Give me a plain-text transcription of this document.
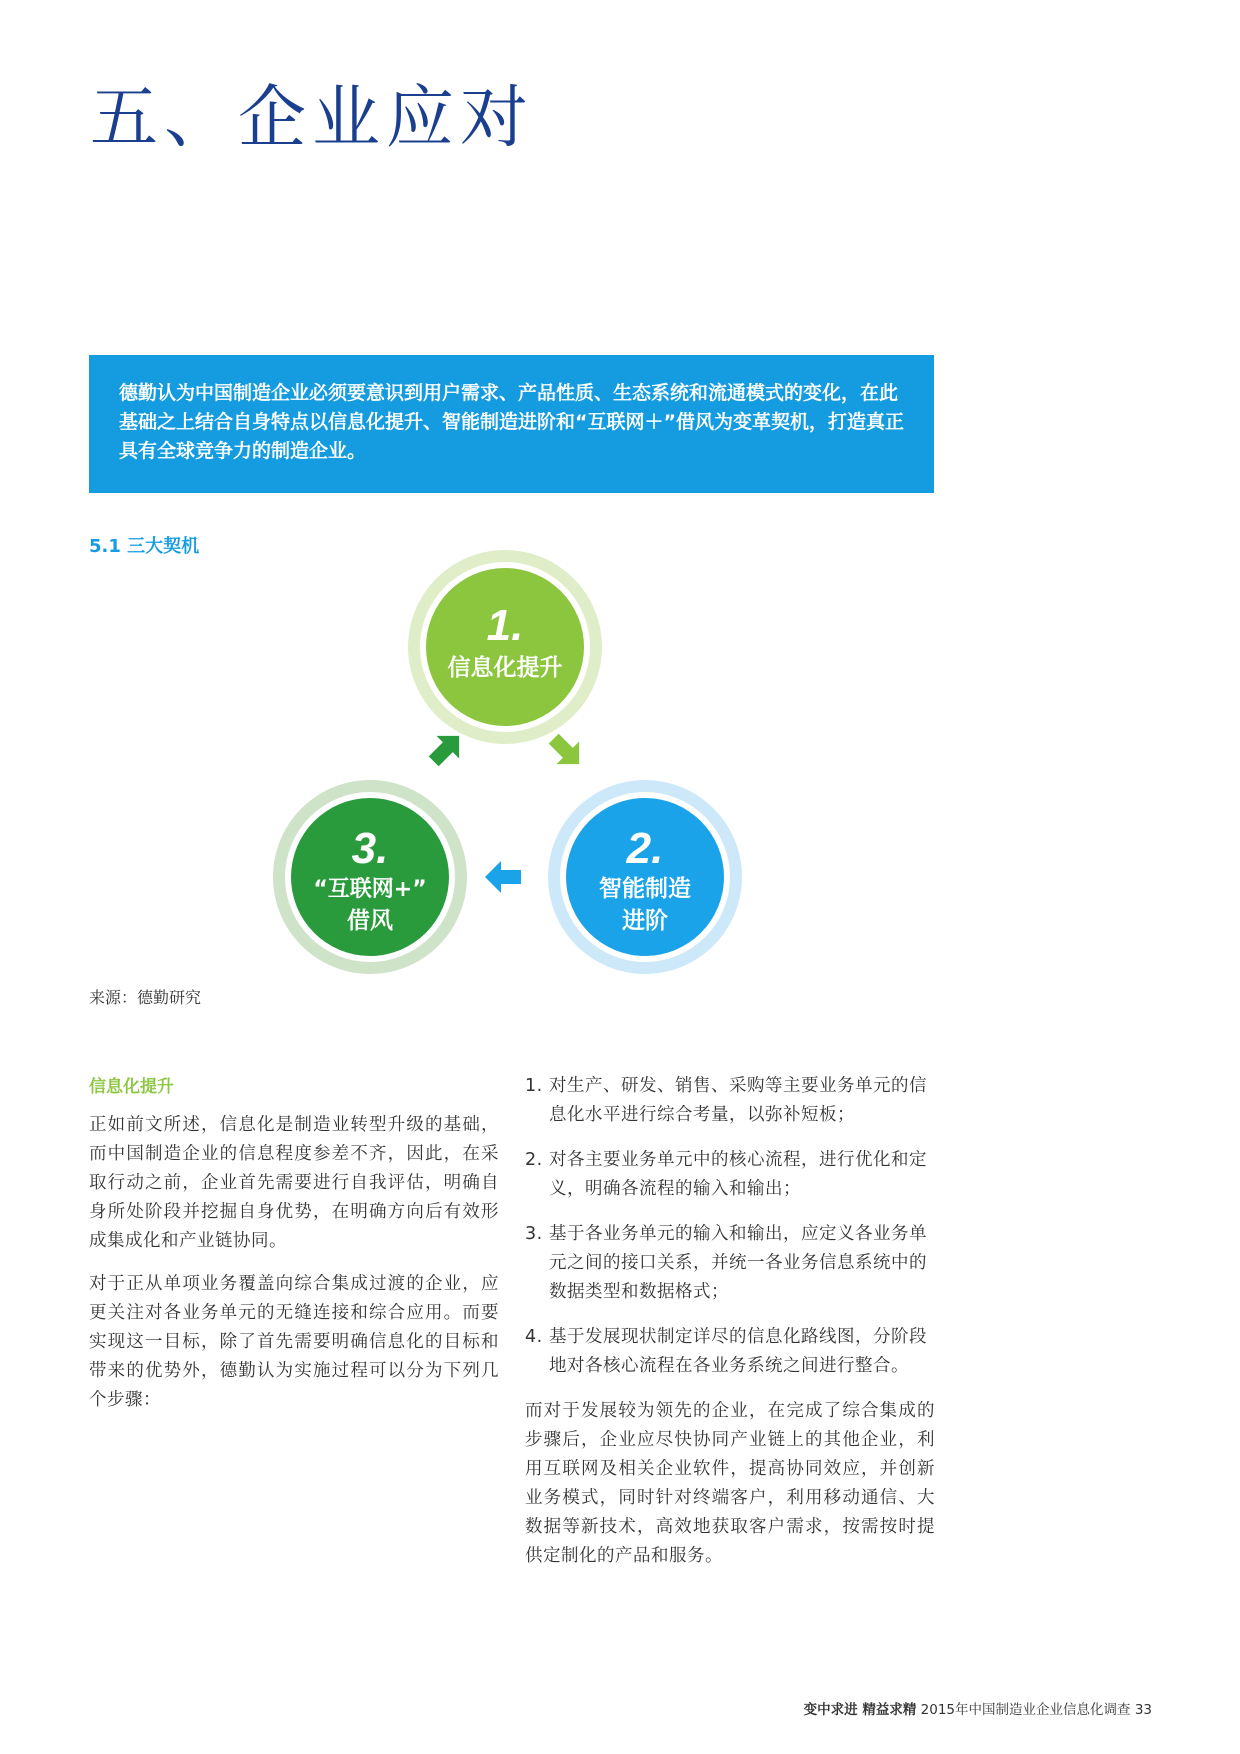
五、企业应对

德勤认为中国制造企业必须要意识到用户需求、产品性质、生态系统和流通模式的变化，在此基础之上结合自身特点以信息化提升、智能制造进阶和“互联网＋”借风为变革契机，打造真正具有全球竞争力的制造企业。

5.1 三大契机
1.
信息化提升
2.
智能制造
进阶
3.
“互联网+”
借风
来源：德勤研究
信息化提升

正如前文所述，信息化是制造业转型升级的基础，而中国制造企业的信息程度参差不齐，因此，在采取行动之前，企业首先需要进行自我评估，明确自身所处阶段并挖掘自身优势，在明确方向后有效形成集成化和产业链协同。

对于正从单项业务覆盖向综合集成过渡的企业，应更关注对各业务单元的无缝连接和综合应用。而要实现这一目标，除了首先需要明确信息化的目标和带来的优势外，德勤认为实施过程可以分为下列几个步骤：

1. 对生产、研发、销售、采购等主要业务单元的信息化水平进行综合考量，以弥补短板；
2. 对各主要业务单元中的核心流程，进行优化和定义，明确各流程的输入和输出；
3. 基于各业务单元的输入和输出，应定义各业务单元之间的接口关系，并统一各业务信息系统中的数据类型和数据格式；
4. 基于发展现状制定详尽的信息化路线图，分阶段地对各核心流程在各业务系统之间进行整合。

而对于发展较为领先的企业，在完成了综合集成的步骤后，企业应尽快协同产业链上的其他企业，利用互联网及相关企业软件，提高协同效应，并创新业务模式，同时针对终端客户，利用移动通信、大数据等新技术，高效地获取客户需求，按需按时提供定制化的产品和服务。

变中求进 精益求精 2015年中国制造业企业信息化调查 33
